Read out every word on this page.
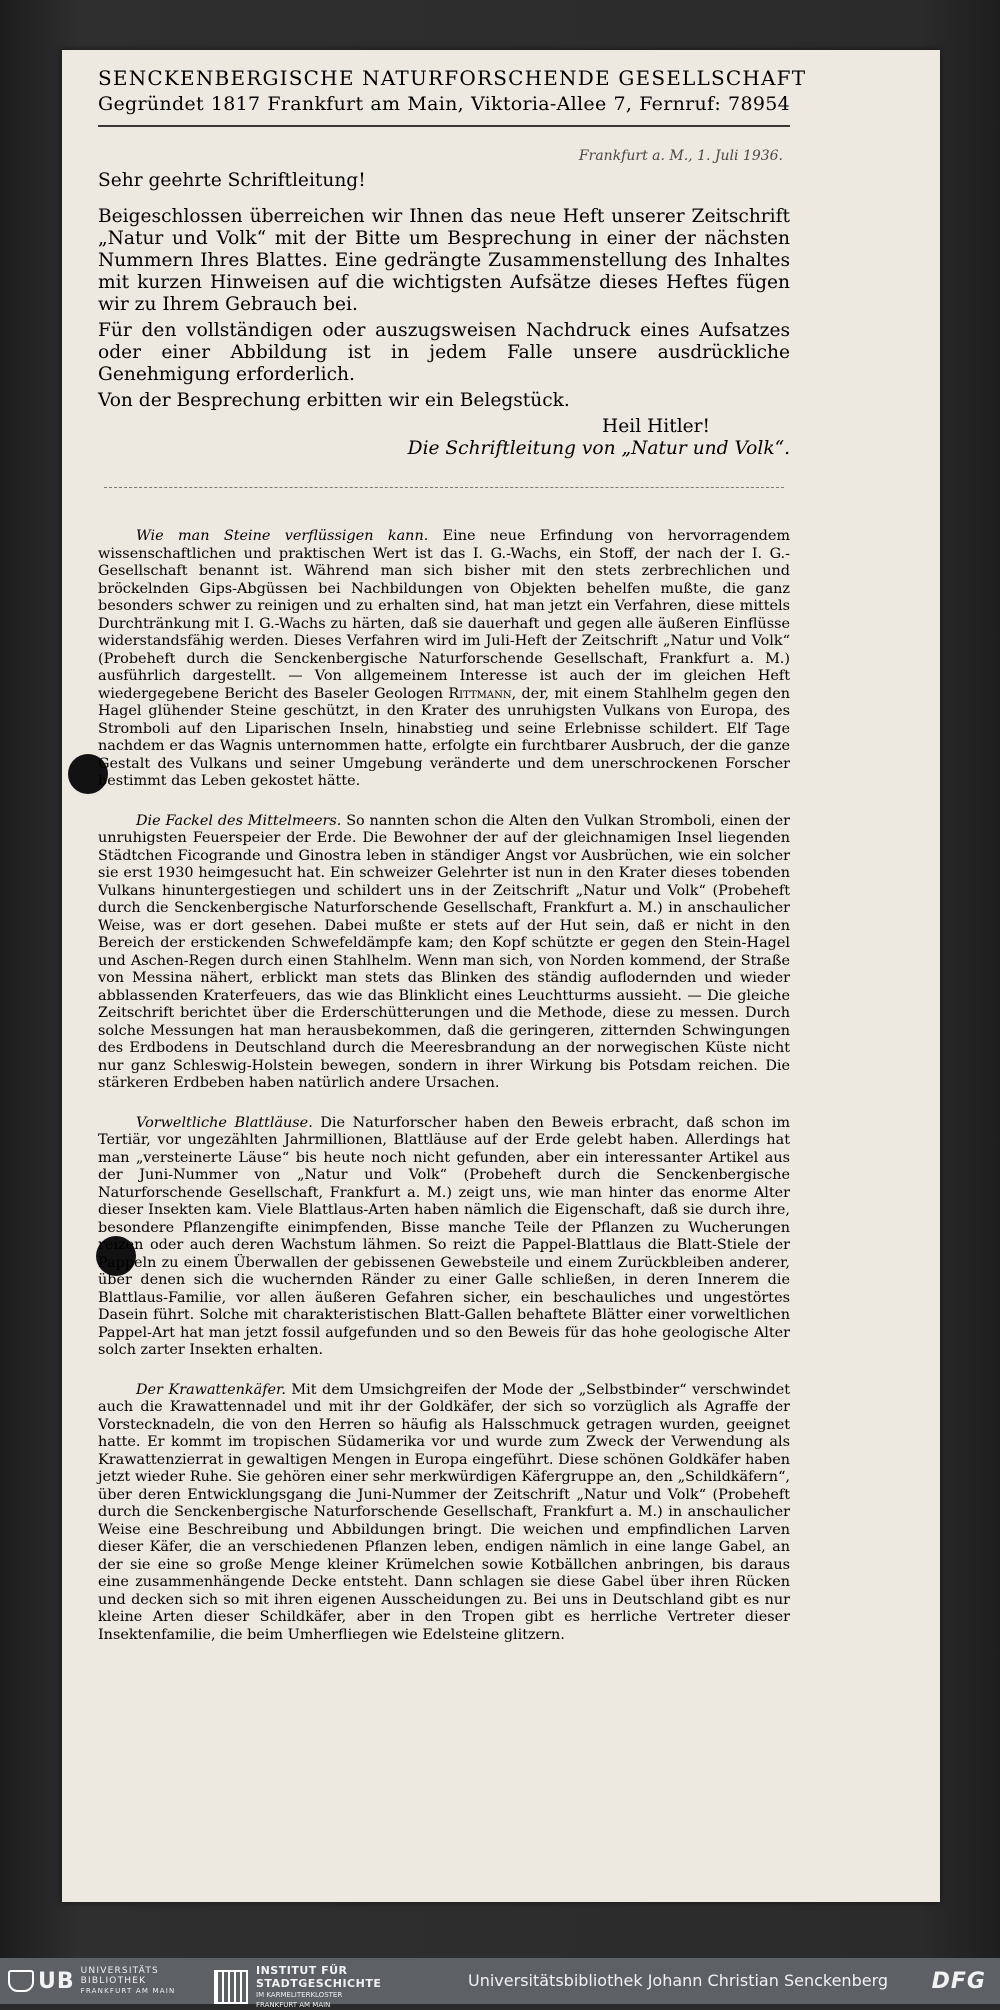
SENCKENBERGISCHE NATURFORSCHENDE GESELLSCHAFT
Gegründet 1817 Frankfurt am Main, Viktoria-Allee 7, Fernruf: 78954
Frankfurt a. M., 1. Juli 1936.

Sehr geehrte Schriftleitung!

Beigeschlossen überreichen wir Ihnen das neue Heft unserer Zeitschrift „Natur und Volk“ mit der Bitte um Besprechung in einer der nächsten Nummern Ihres Blattes. Eine gedrängte Zusammenstellung des Inhaltes mit kurzen Hinweisen auf die wichtigsten Aufsätze dieses Heftes fügen wir zu Ihrem Gebrauch bei.

Für den vollständigen oder auszugsweisen Nachdruck eines Aufsatzes oder einer Abbildung ist in jedem Falle unsere ausdrückliche Genehmigung erforderlich.

Von der Besprechung erbitten wir ein Belegstück.

Heil Hitler!

Die Schriftleitung von „Natur und Volk“.

Wie man Steine verflüssigen kann. Eine neue Erfindung von hervorragendem wissenschaftlichen und praktischen Wert ist das I. G.-Wachs, ein Stoff, der nach der I. G.-Gesellschaft benannt ist. Während man sich bisher mit den stets zerbrechlichen und bröckelnden Gips-Abgüssen bei Nachbildungen von Objekten behelfen mußte, die ganz besonders schwer zu reinigen und zu erhalten sind, hat man jetzt ein Verfahren, diese mittels Durchtränkung mit I. G.-Wachs zu härten, daß sie dauerhaft und gegen alle äußeren Einflüsse widerstandsfähig werden. Dieses Verfahren wird im Juli-Heft der Zeitschrift „Natur und Volk“ (Probeheft durch die Senckenbergische Naturforschende Gesellschaft, Frankfurt a. M.) ausführlich dargestellt. — Von allgemeinem Interesse ist auch der im gleichen Heft wiedergegebene Bericht des Baseler Geologen Rittmann, der, mit einem Stahlhelm gegen den Hagel glühender Steine geschützt, in den Krater des unruhigsten Vulkans von Europa, des Stromboli auf den Liparischen Inseln, hinabstieg und seine Erlebnisse schildert. Elf Tage nachdem er das Wagnis unternommen hatte, erfolgte ein furchtbarer Ausbruch, der die ganze Gestalt des Vulkans und seiner Umgebung veränderte und dem unerschrockenen Forscher bestimmt das Leben gekostet hätte.

Die Fackel des Mittelmeers. So nannten schon die Alten den Vulkan Stromboli, einen der unruhigsten Feuerspeier der Erde. Die Bewohner der auf der gleichnamigen Insel liegenden Städtchen Ficogrande und Ginostra leben in ständiger Angst vor Ausbrüchen, wie ein solcher sie erst 1930 heimgesucht hat. Ein schweizer Gelehrter ist nun in den Krater dieses tobenden Vulkans hinuntergestiegen und schildert uns in der Zeitschrift „Natur und Volk“ (Probeheft durch die Senckenbergische Naturforschende Gesellschaft, Frankfurt a. M.) in anschaulicher Weise, was er dort gesehen. Dabei mußte er stets auf der Hut sein, daß er nicht in den Bereich der erstickenden Schwefeldämpfe kam; den Kopf schützte er gegen den Stein-Hagel und Aschen-Regen durch einen Stahlhelm. Wenn man sich, von Norden kommend, der Straße von Messina nähert, erblickt man stets das Blinken des ständig auflodernden und wieder abblassenden Kraterfeuers, das wie das Blinklicht eines Leuchtturms aussieht. — Die gleiche Zeitschrift berichtet über die Erderschütterungen und die Methode, diese zu messen. Durch solche Messungen hat man herausbekommen, daß die geringeren, zitternden Schwingungen des Erdbodens in Deutschland durch die Meeresbrandung an der norwegischen Küste nicht nur ganz Schleswig-Holstein bewegen, sondern in ihrer Wirkung bis Potsdam reichen. Die stärkeren Erdbeben haben natürlich andere Ursachen.

Vorweltliche Blattläuse. Die Naturforscher haben den Beweis erbracht, daß schon im Tertiär, vor ungezählten Jahrmillionen, Blattläuse auf der Erde gelebt haben. Allerdings hat man „versteinerte Läuse“ bis heute noch nicht gefunden, aber ein interessanter Artikel aus der Juni-Nummer von „Natur und Volk“ (Probeheft durch die Senckenbergische Naturforschende Gesellschaft, Frankfurt a. M.) zeigt uns, wie man hinter das enorme Alter dieser Insekten kam. Viele Blattlaus-Arten haben nämlich die Eigenschaft, daß sie durch ihre, besondere Pflanzengifte einimpfenden, Bisse manche Teile der Pflanzen zu Wucherungen reizen oder auch deren Wachstum lähmen. So reizt die Pappel-Blattlaus die Blatt-Stiele der Pappeln zu einem Überwallen der gebissenen Gewebsteile und einem Zurückbleiben anderer, über denen sich die wuchernden Ränder zu einer Galle schließen, in deren Innerem die Blattlaus-Familie, vor allen äußeren Gefahren sicher, ein beschauliches und ungestörtes Dasein führt. Solche mit charakteristischen Blatt-Gallen behaftete Blätter einer vorweltlichen Pappel-Art hat man jetzt fossil aufgefunden und so den Beweis für das hohe geologische Alter solch zarter Insekten erhalten.

Der Krawattenkäfer. Mit dem Umsichgreifen der Mode der „Selbstbinder“ verschwindet auch die Krawattennadel und mit ihr der Goldkäfer, der sich so vorzüglich als Agraffe der Vorstecknadeln, die von den Herren so häufig als Halsschmuck getragen wurden, geeignet hatte. Er kommt im tropischen Südamerika vor und wurde zum Zweck der Verwendung als Krawattenzierrat in gewaltigen Mengen in Europa eingeführt. Diese schönen Goldkäfer haben jetzt wieder Ruhe. Sie gehören einer sehr merkwürdigen Käfergruppe an, den „Schildkäfern“, über deren Entwicklungsgang die Juni-Nummer der Zeitschrift „Natur und Volk“ (Probeheft durch die Senckenbergische Naturforschende Gesellschaft, Frankfurt a. M.) in anschaulicher Weise eine Beschreibung und Abbildungen bringt. Die weichen und empfindlichen Larven dieser Käfer, die an verschiedenen Pflanzen leben, endigen nämlich in eine lange Gabel, an der sie eine so große Menge kleiner Krümelchen sowie Kotbällchen anbringen, bis daraus eine zusammenhängende Decke entsteht. Dann schlagen sie diese Gabel über ihren Rücken und decken sich so mit ihren eigenen Ausscheidungen zu. Bei uns in Deutschland gibt es nur kleine Arten dieser Schildkäfer, aber in den Tropen gibt es herrliche Vertreter dieser Insektenfamilie, die beim Umherfliegen wie Edelsteine glitzern.

UB UNIVERSITÄTS
BIBLIOTHEK
FRANKFURT AM MAIN
INSTITUT FÜR
STADTGESCHICHTE
IM KARMELITERKLOSTER
FRANKFURT AM MAIN
Universitätsbibliothek Johann Christian Senckenberg DFG
